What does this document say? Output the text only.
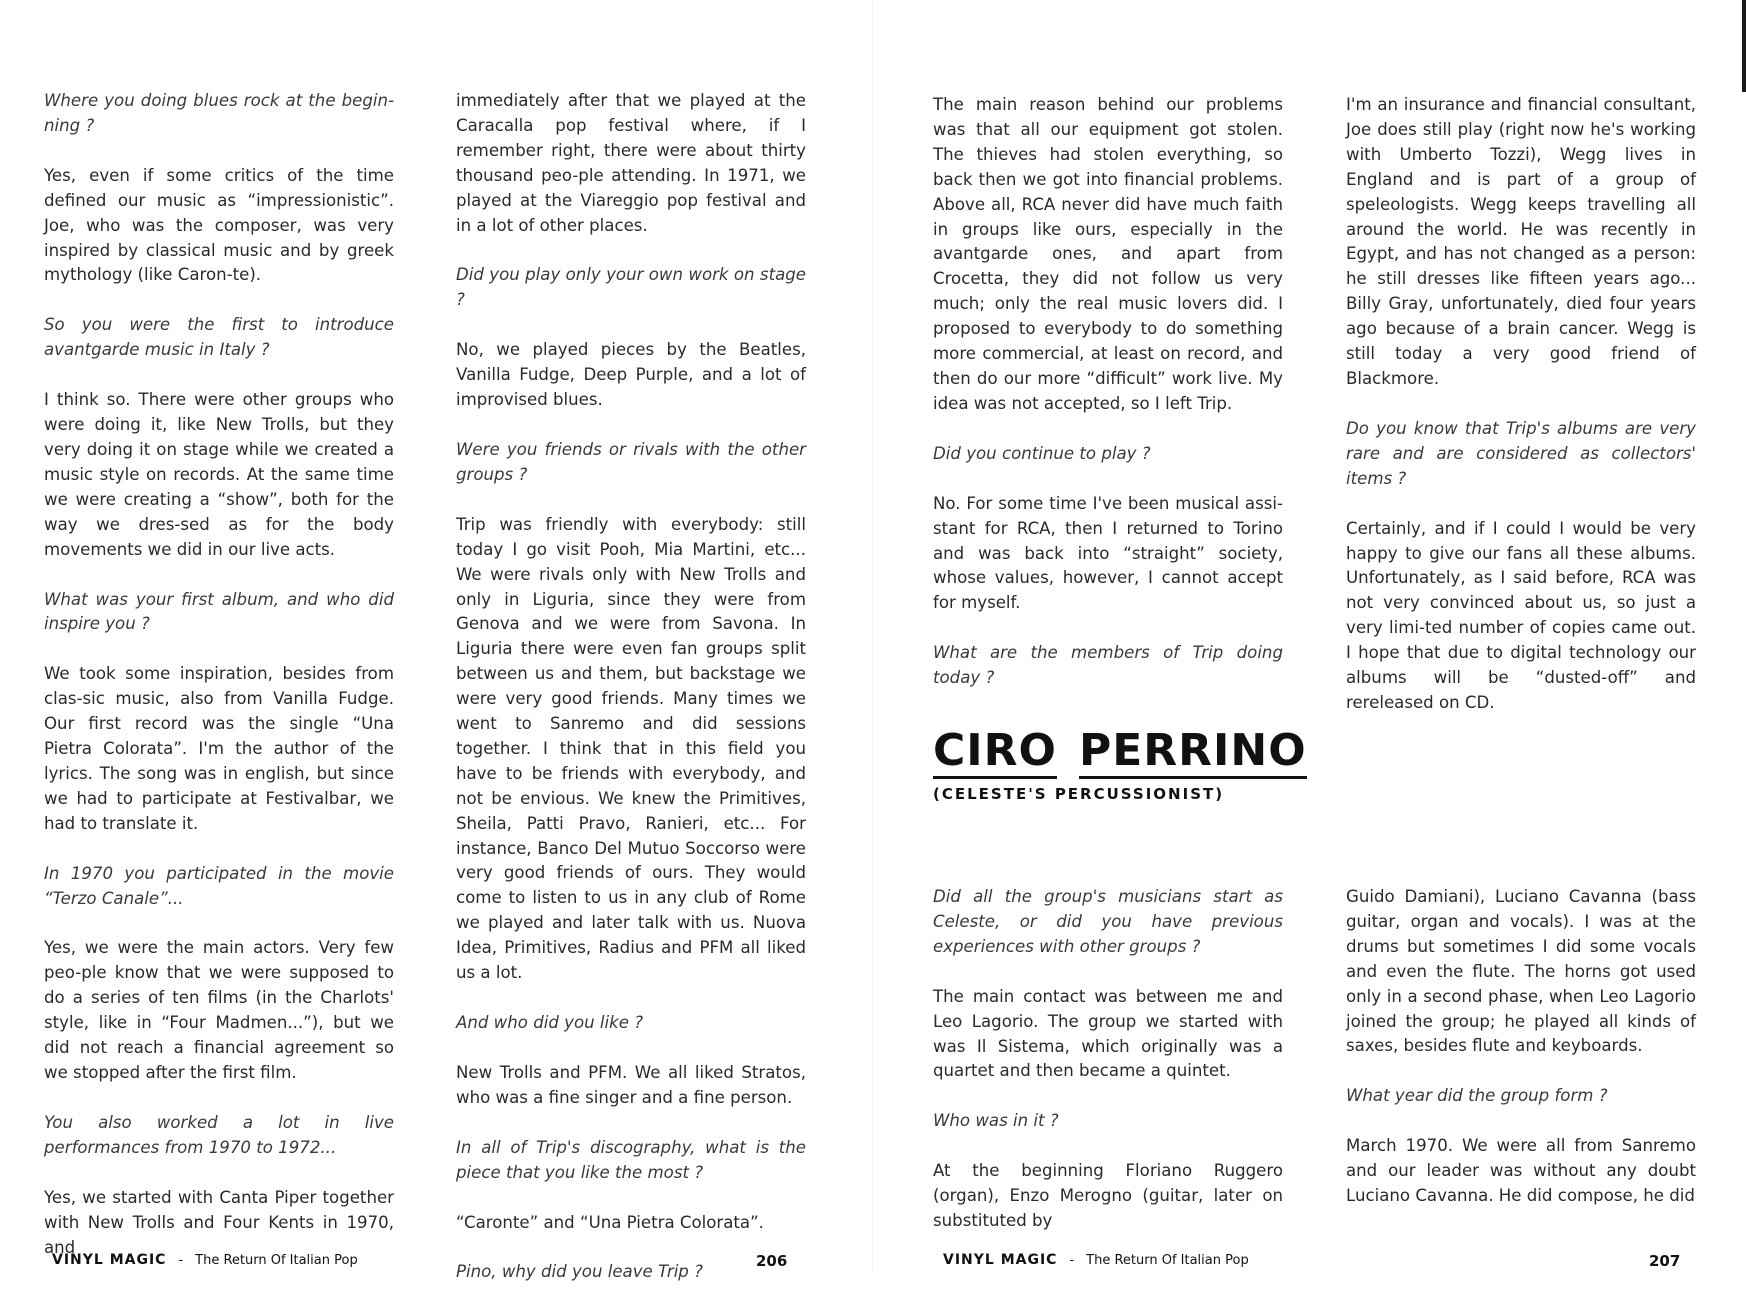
Where you doing blues rock at the begin-ning ?

Yes, even if some critics of the time defined our music as “impressionistic”. Joe, who was the composer, was very inspired by classical music and by greek mythology (like Caron-te).

So you were the first to introduce avantgarde music in Italy ?

I think so. There were other groups who were doing it, like New Trolls, but they very doing it on stage while we created a music style on records. At the same time we were creating a “show”, both for the way we dres-sed as for the body movements we did in our live acts.

What was your first album, and who did inspire you ?

We took some inspiration, besides from clas-sic music, also from Vanilla Fudge. Our first record was the single “Una Pietra Colorata”. I'm the author of the lyrics. The song was in english, but since we had to participate at Festivalbar, we had to translate it.

In 1970 you participated in the movie “Terzo Canale”...

Yes, we were the main actors. Very few peo-ple know that we were supposed to do a series of ten films (in the Charlots' style, like in “Four Madmen...”), but we did not reach a financial agreement so we stopped after the first film.

You also worked a lot in live performances from 1970 to 1972...

Yes, we started with Canta Piper together with New Trolls and Four Kents in 1970, and

immediately after that we played at the Caracalla pop festival where, if I remember right, there were about thirty thousand peo-ple attending. In 1971, we played at the Viareggio pop festival and in a lot of other places.

Did you play only your own work on stage ?

No, we played pieces by the Beatles, Vanilla Fudge, Deep Purple, and a lot of improvised blues.

Were you friends or rivals with the other groups ?

Trip was friendly with everybody: still today I go visit Pooh, Mia Martini, etc... We were rivals only with New Trolls and only in Liguria, since they were from Genova and we were from Savona. In Liguria there were even fan groups split between us and them, but backstage we were very good friends. Many times we went to Sanremo and did sessions together. I think that in this field you have to be friends with everybody, and not be envious. We knew the Primitives, Sheila, Patti Pravo, Ranieri, etc... For instance, Banco Del Mutuo Soccorso were very good friends of ours. They would come to listen to us in any club of Rome we played and later talk with us. Nuova Idea, Primitives, Radius and PFM all liked us a lot.

And who did you like ?

New Trolls and PFM. We all liked Stratos, who was a fine singer and a fine person.

In all of Trip's discography, what is the piece that you like the most ?

“Caronte” and “Una Pietra Colorata”.

Pino, why did you leave Trip ?

The main reason behind our problems was that all our equipment got stolen. The thieves had stolen everything, so back then we got into financial problems. Above all, RCA never did have much faith in groups like ours, especially in the avantgarde ones, and apart from Crocetta, they did not follow us very much; only the real music lovers did. I proposed to everybody to do something more commercial, at least on record, and then do our more “difficult” work live. My idea was not accepted, so I left Trip.

Did you continue to play ?

No. For some time I've been musical assi-stant for RCA, then I returned to Torino and was back into “straight” society, whose values, however, I cannot accept for myself.

What are the members of Trip doing today ?

I'm an insurance and financial consultant, Joe does still play (right now he's working with Umberto Tozzi), Wegg lives in England and is part of a group of speleologists. Wegg keeps travelling all around the world. He was recently in Egypt, and has not changed as a person: he still dresses like fifteen years ago... Billy Gray, unfortunately, died four years ago because of a brain cancer. Wegg is still today a very good friend of Blackmore.

Do you know that Trip's albums are very rare and are considered as collectors' items ?

Certainly, and if I could I would be very happy to give our fans all these albums. Unfortunately, as I said before, RCA was not very convinced about us, so just a very limi-ted number of copies came out. I hope that due to digital technology our albums will be “dusted-off” and rereleased on CD.

CIRO PERRINO
(CELESTE'S PERCUSSIONIST)

Did all the group's musicians start as Celeste, or did you have previous experiences with other groups ?

The main contact was between me and Leo Lagorio. The group we started with was Il Sistema, which originally was a quartet and then became a quintet.

Who was in it ?

At the beginning Floriano Ruggero (organ), Enzo Merogno (guitar, later on substituted by

Guido Damiani), Luciano Cavanna (bass guitar, organ and vocals). I was at the drums but sometimes I did some vocals and even the flute. The horns got used only in a second phase, when Leo Lagorio joined the group; he played all kinds of saxes, besides flute and keyboards.

What year did the group form ?

March 1970. We were all from Sanremo and our leader was without any doubt Luciano Cavanna. He did compose, he did

VINYL MAGIC - The Return Of Italian Pop	206	VINYL MAGIC - The Return Of Italian Pop	207
